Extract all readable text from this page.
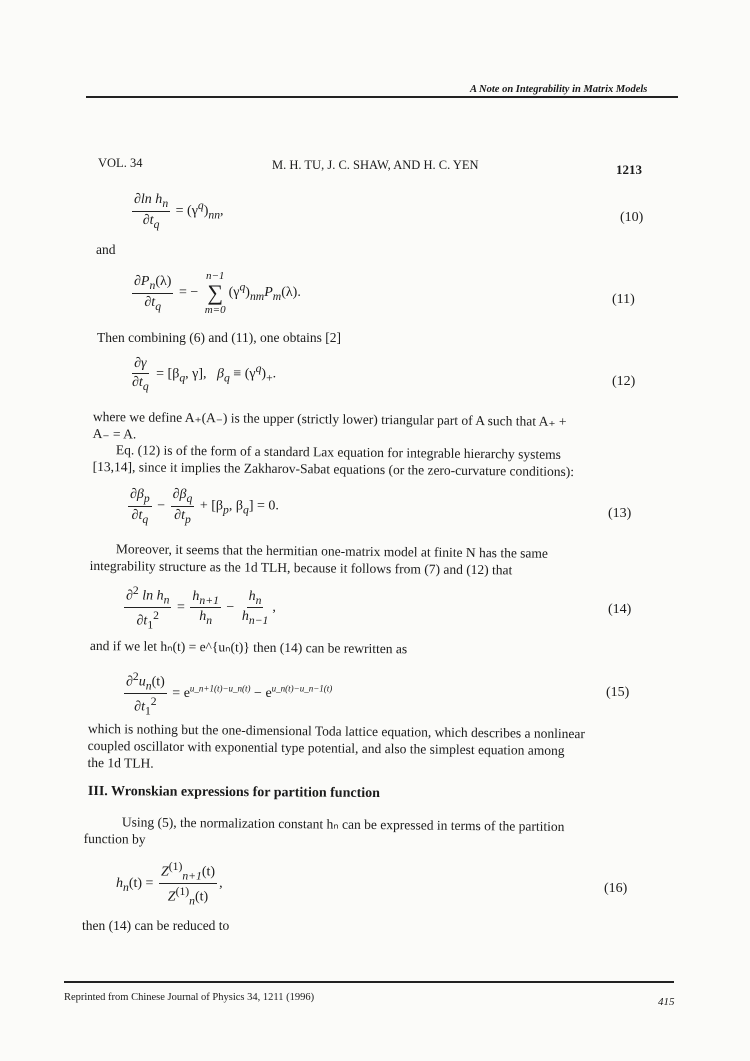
A Note on Integrability in Matrix Models
VOL. 34	M. H. TU, J. C. SHAW, AND H. C. YEN	1213
$\frac{\partial\ln h_n}{\partial t_q} = (\gamma^q)_{nn}$,	(10)
and
$\frac{\partial P_n(\lambda)}{\partial t_q}$ = −
n−1
∑
m=0
$(\gamma^q)_{nm}P_m(\lambda)$.	(11)
Then combining (6) and (11), one obtains [2]
$\frac{\partial\gamma}{\partial t_q} = [\beta_q$, γ], $\beta_q \equiv (\gamma^q)_+$.	(12)
where we define A₊(A₋) is the upper (strictly lower) triangular part of A such that A₊ +
A₋ = A.
Eq. (12) is of the form of a standard Lax equation for integrable hierarchy systems
[13,14], since it implies the Zakharov-Sabat equations (or the zero-curvature conditions):
$\frac{\partial\beta_p}{\partial t_q} - \frac{\partial\beta_q}{\partial t_p} + [\beta_p$, $\beta_q] = 0$.	(13)
Moreover, it seems that the hermitian one-matrix model at finite N has the same
integrability structure as the 1d TLH, because it follows from (7) and (12) that
$\frac{\partial^2 \ln h_n}{\partial t_1^2} = \frac{h_{n+1}}{h_n} - \frac{h_n}{h_{n-1}}$ ,	(14)
and if we let hₙ(t) = e^{uₙ(t)} then (14) can be rewritten as
$\frac{\partial^2u_n(t)}{\partial t_1^2} = e^{u\_n+1(t)-u\_n(t)} - e^{u\_n(t)-u\_n-1(t)}$	(15)
which is nothing but the one-dimensional Toda lattice equation, which describes a nonlinear
coupled oscillator with exponential type potential, and also the simplest equation among
the 1d TLH.
III. Wronskian expressions for partition function
Using (5), the normalization constant hₙ can be expressed in terms of the partition
function by
$h_n(t) = \frac{Z^{(1)}_{n+1}(t)}{Z^{(1)}_n(t)}$ ,	(16)
then (14) can be reduced to
Reprinted from Chinese Journal of Physics 34, 1211 (1996)	415
